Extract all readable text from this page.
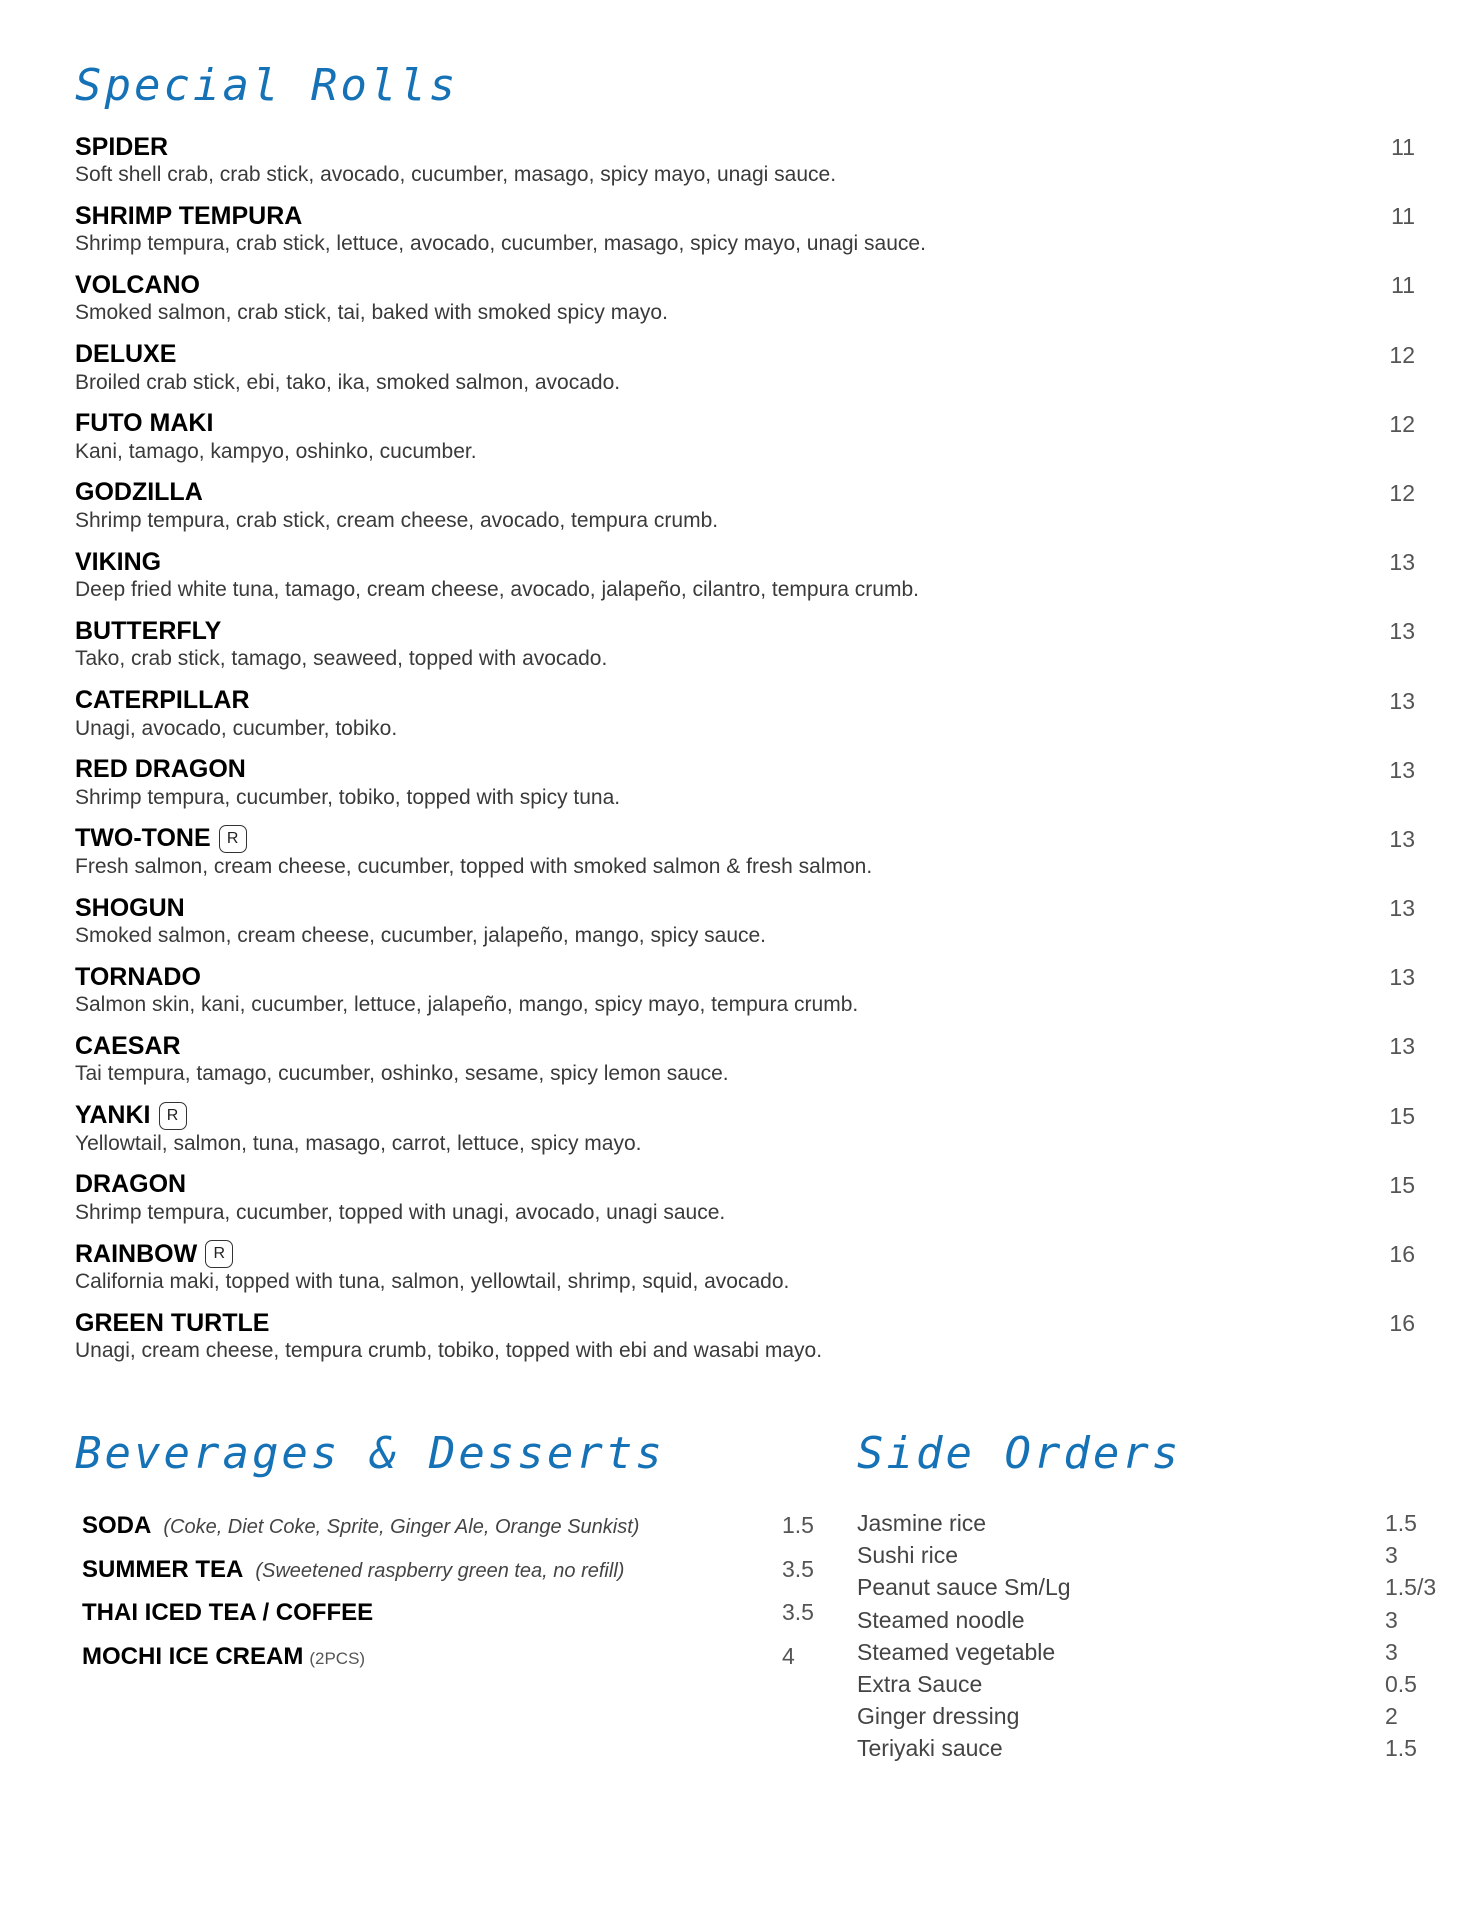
Special Rolls
SPIDER
Soft shell crab, crab stick, avocado, cucumber, masago, spicy mayo, unagi sauce.
11
SHRIMP TEMPURA
Shrimp tempura, crab stick, lettuce, avocado, cucumber, masago, spicy mayo, unagi sauce.
11
VOLCANO
Smoked salmon, crab stick, tai, baked with smoked spicy mayo.
11
DELUXE
Broiled crab stick, ebi, tako, ika, smoked salmon, avocado.
12
FUTO MAKI
Kani, tamago, kampyo, oshinko, cucumber.
12
GODZILLA
Shrimp tempura, crab stick, cream cheese, avocado, tempura crumb.
12
VIKING
Deep fried white tuna, tamago, cream cheese, avocado, jalapeño, cilantro, tempura crumb.
13
BUTTERFLY
Tako, crab stick, tamago, seaweed, topped with avocado.
13
CATERPILLAR
Unagi, avocado, cucumber, tobiko.
13
RED DRAGON
Shrimp tempura, cucumber, tobiko, topped with spicy tuna.
13
TWO-TONE	R
Fresh salmon, cream cheese, cucumber, topped with smoked salmon & fresh salmon.
13
SHOGUN
Smoked salmon, cream cheese, cucumber, jalapeño, mango, spicy sauce.
13
TORNADO
Salmon skin, kani, cucumber, lettuce, jalapeño, mango, spicy mayo, tempura crumb.
13
CAESAR
Tai tempura, tamago, cucumber, oshinko, sesame, spicy lemon sauce.
13
YANKI	R
Yellowtail, salmon, tuna, masago, carrot, lettuce, spicy mayo.
15
DRAGON
Shrimp tempura, cucumber, topped with unagi, avocado, unagi sauce.
15
RAINBOW	R
California maki, topped with tuna, salmon, yellowtail, shrimp, squid, avocado.
16
GREEN TURTLE
Unagi, cream cheese, tempura crumb, tobiko, topped with ebi and wasabi mayo.
16
Beverages & Desserts
SODA (Coke, Diet Coke, Sprite, Ginger Ale, Orange Sunkist)	1.5
SUMMER TEA (Sweetened raspberry green tea, no refill)	3.5
THAI ICED TEA / COFFEE	3.5
MOCHI ICE CREAM (2PCS)	4
Side Orders
Jasmine rice	1.5
Sushi rice	3
Peanut sauce Sm/Lg	1.5/3
Steamed noodle	3
Steamed vegetable	3
Extra Sauce	0.5
Ginger dressing	2
Teriyaki sauce	1.5
